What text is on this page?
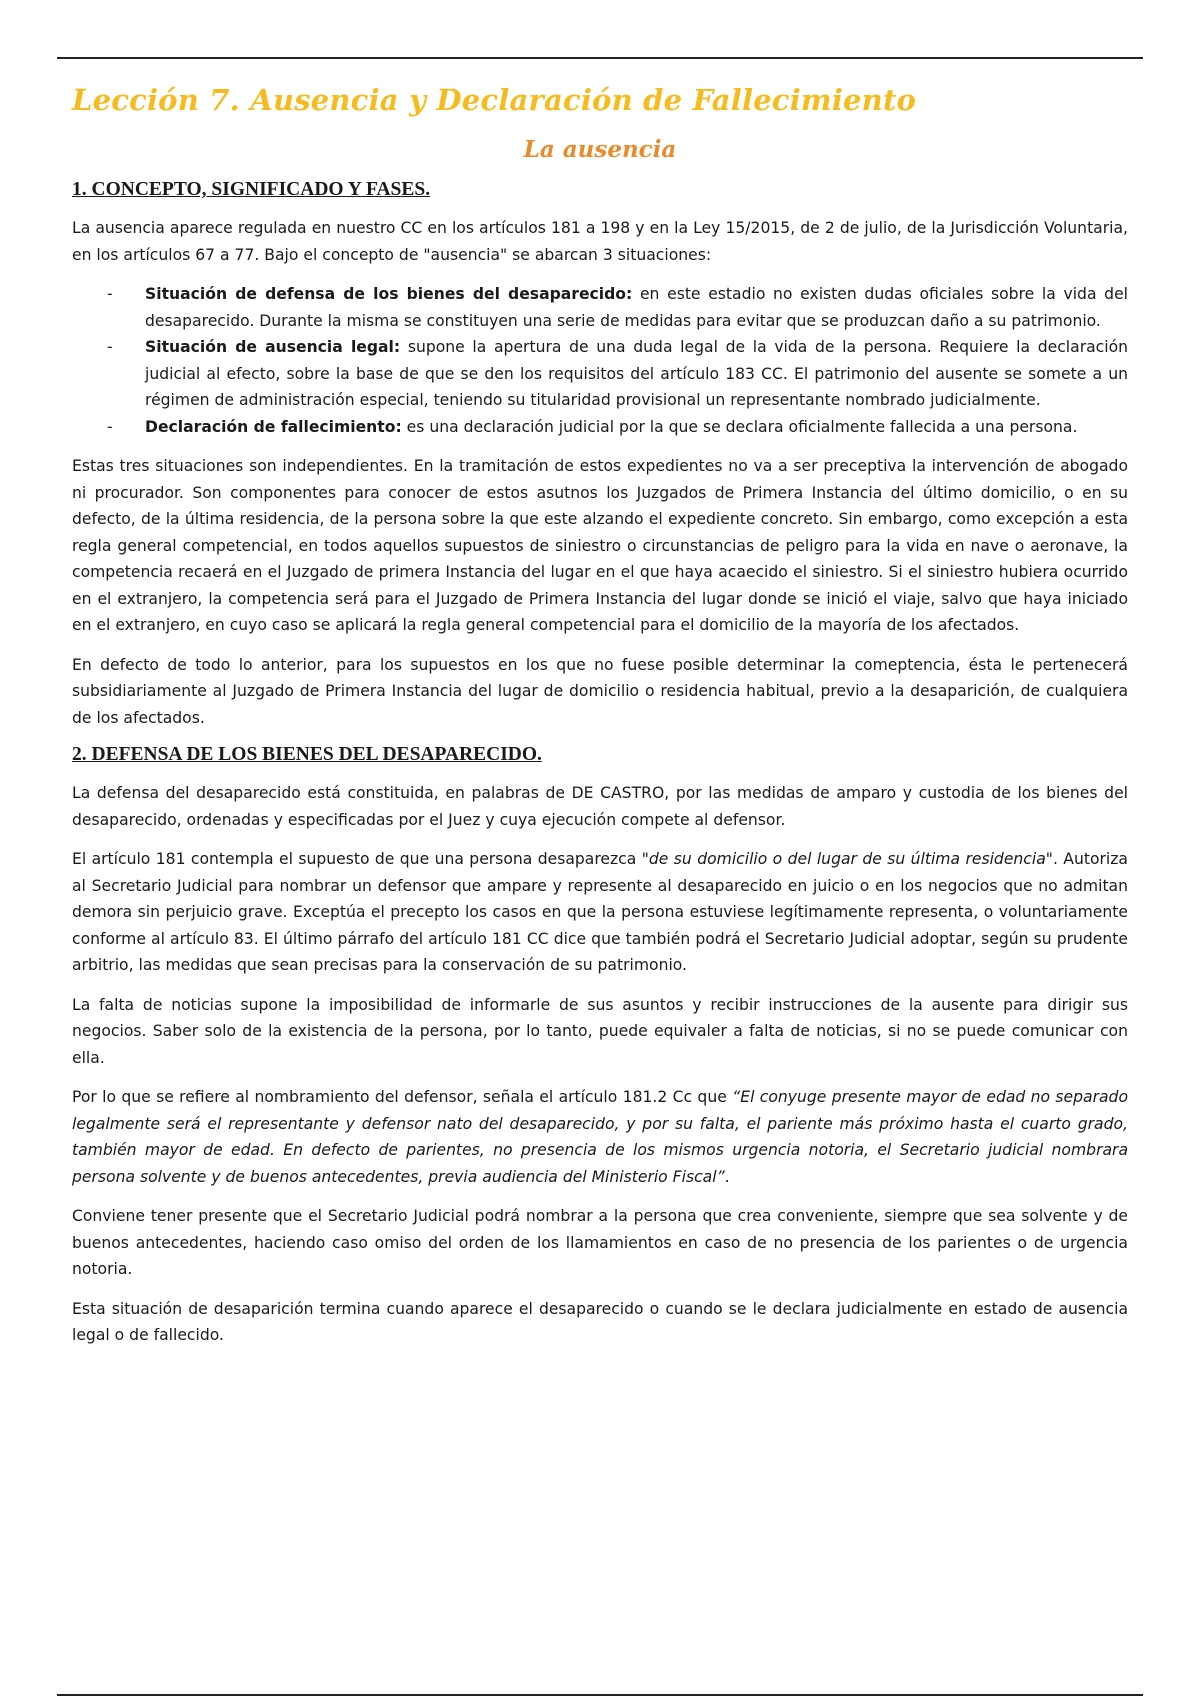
Lección 7. Ausencia y Declaración de Fallecimiento
La ausencia
1. CONCEPTO, SIGNIFICADO Y FASES.

La ausencia aparece regulada en nuestro CC en los artículos 181 a 198 y en la Ley 15/2015, de 2 de julio, de la Jurisdicción Voluntaria, en los artículos 67 a 77. Bajo el concepto de "ausencia" se abarcan 3 situaciones:

- Situación de defensa de los bienes del desaparecido: en este estadio no existen dudas oficiales sobre la vida del desaparecido. Durante la misma se constituyen una serie de medidas para evitar que se produzcan daño a su patrimonio.
- Situación de ausencia legal: supone la apertura de una duda legal de la vida de la persona. Requiere la declaración judicial al efecto, sobre la base de que se den los requisitos del artículo 183 CC. El patrimonio del ausente se somete a un régimen de administración especial, teniendo su titularidad provisional un representante nombrado judicialmente.
- Declaración de fallecimiento: es una declaración judicial por la que se declara oficialmente fallecida a una persona.

Estas tres situaciones son independientes. En la tramitación de estos expedientes no va a ser preceptiva la intervención de abogado ni procurador. Son componentes para conocer de estos asutnos los Juzgados de Primera Instancia del último domicilio, o en su defecto, de la última residencia, de la persona sobre la que este alzando el expediente concreto. Sin embargo, como excepción a esta regla general competencial, en todos aquellos supuestos de siniestro o circunstancias de peligro para la vida en nave o aeronave, la competencia recaerá en el Juzgado de primera Instancia del lugar en el que haya acaecido el siniestro. Si el siniestro hubiera ocurrido en el extranjero, la competencia será para el Juzgado de Primera Instancia del lugar donde se inició el viaje, salvo que haya iniciado en el extranjero, en cuyo caso se aplicará la regla general competencial para el domicilio de la mayoría de los afectados.

En defecto de todo lo anterior, para los supuestos en los que no fuese posible determinar la comeptencia, ésta le pertenecerá subsidiariamente al Juzgado de Primera Instancia del lugar de domicilio o residencia habitual, previo a la desaparición, de cualquiera de los afectados.

2. DEFENSA DE LOS BIENES DEL DESAPARECIDO.

La defensa del desaparecido está constituida, en palabras de DE CASTRO, por las medidas de amparo y custodia de los bienes del desaparecido, ordenadas y especificadas por el Juez y cuya ejecución compete al defensor.

El artículo 181 contempla el supuesto de que una persona desaparezca "de su domicilio o del lugar de su última residencia". Autoriza al Secretario Judicial para nombrar un defensor que ampare y represente al desaparecido en juicio o en los negocios que no admitan demora sin perjuicio grave. Exceptúa el precepto los casos en que la persona estuviese legítimamente representa, o voluntariamente conforme al artículo 83. El último párrafo del artículo 181 CC dice que también podrá el Secretario Judicial adoptar, según su prudente arbitrio, las medidas que sean precisas para la conservación de su patrimonio.

La falta de noticias supone la imposibilidad de informarle de sus asuntos y recibir instrucciones de la ausente para dirigir sus negocios. Saber solo de la existencia de la persona, por lo tanto, puede equivaler a falta de noticias, si no se puede comunicar con ella.

Por lo que se refiere al nombramiento del defensor, señala el artículo 181.2 Cc que “El conyuge presente mayor de edad no separado legalmente será el representante y defensor nato del desaparecido, y por su falta, el pariente más próximo hasta el cuarto grado, también mayor de edad. En defecto de parientes, no presencia de los mismos urgencia notoria, el Secretario judicial nombrara persona solvente y de buenos antecedentes, previa audiencia del Ministerio Fiscal”.

Conviene tener presente que el Secretario Judicial podrá nombrar a la persona que crea conveniente, siempre que sea solvente y de buenos antecedentes, haciendo caso omiso del orden de los llamamientos en caso de no presencia de los parientes o de urgencia notoria.

Esta situación de desaparición termina cuando aparece el desaparecido o cuando se le declara judicialmente en estado de ausencia legal o de fallecido.
